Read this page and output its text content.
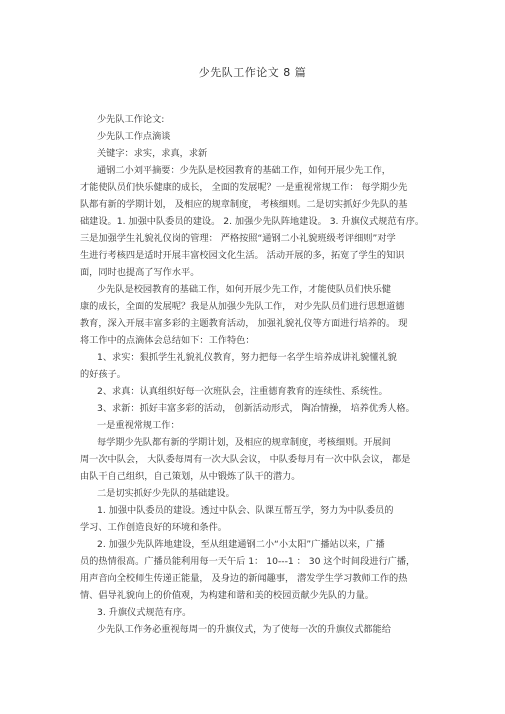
少先队工作论文 8 篇
少先队工作论文:
少先队工作点滴谈
关键字：求实，求真，求新
通钢二小刘平摘要：少先队是校园教育的基础工作，如何开展少先工作，
才能使队员们快乐健康的成长， 全面的发展呢？一是重视常规工作： 每学期少先
队都有新的学期计划， 及相应的规章制度， 考核细则。二是切实抓好少先队的基
础建设。1. 加强中队委员的建设。 2. 加强少先队阵地建设。 3. 升旗仪式规范有序。
三是加强学生礼貌礼仪岗的管理： 严格按照“通钢二小礼貌班级考评细则”对学
生进行考核四是适时开展丰富校园文化生活。 活动开展的多，拓宽了学生的知识
面，同时也提高了写作水平。
少先队是校园教育的基础工作，如何开展少先工作，才能使队员们快乐健
康的成长，全面的发展呢？我是从加强少先队工作， 对少先队员们进行思想道德
教育，深入开展丰富多彩的主题教育活动， 加强礼貌礼仪等方面进行培养的。 现
将工作中的点滴体会总结如下：工作特色：
1、求实：狠抓学生礼貌礼仪教育，努力把每一名学生培养成讲礼貌懂礼貌
的好孩子。
2、求真：认真组织好每一次班队会，注重德育教育的连续性、系统性。
3、求新：抓好丰富多彩的活动， 创新活动形式， 陶冶情操， 培养优秀人格。
一是重视常规工作：
每学期少先队都有新的学期计划，及相应的规章制度，考核细则。开展间
周一次中队会， 大队委每周有一次大队会议， 中队委每月有一次中队会议， 都是
由队干自己组织，自己策划，从中锻炼了队干的潜力。
二是切实抓好少先队的基础建设。
1. 加强中队委员的建设。透过中队会、队课互帮互学，努力为中队委员的
学习、工作创造良好的环境和条件。
2. 加强少先队阵地建设，至从组建通钢二小“小太阳”广播站以来，广播
员的热情很高。广播员能利用每一天午后 1： 10---1 ： 30 这个时间段进行广播，
用声音向全校师生传递正能量， 及身边的新闻趣事， 潜发学生学习教师工作的热
情、倡导礼貌向上的价值观，为构建和谐和美的校园贡献少先队的力量。
3. 升旗仪式规范有序。
少先队工作务必重视每周一的升旗仪式，为了使每一次的升旗仪式都能给
